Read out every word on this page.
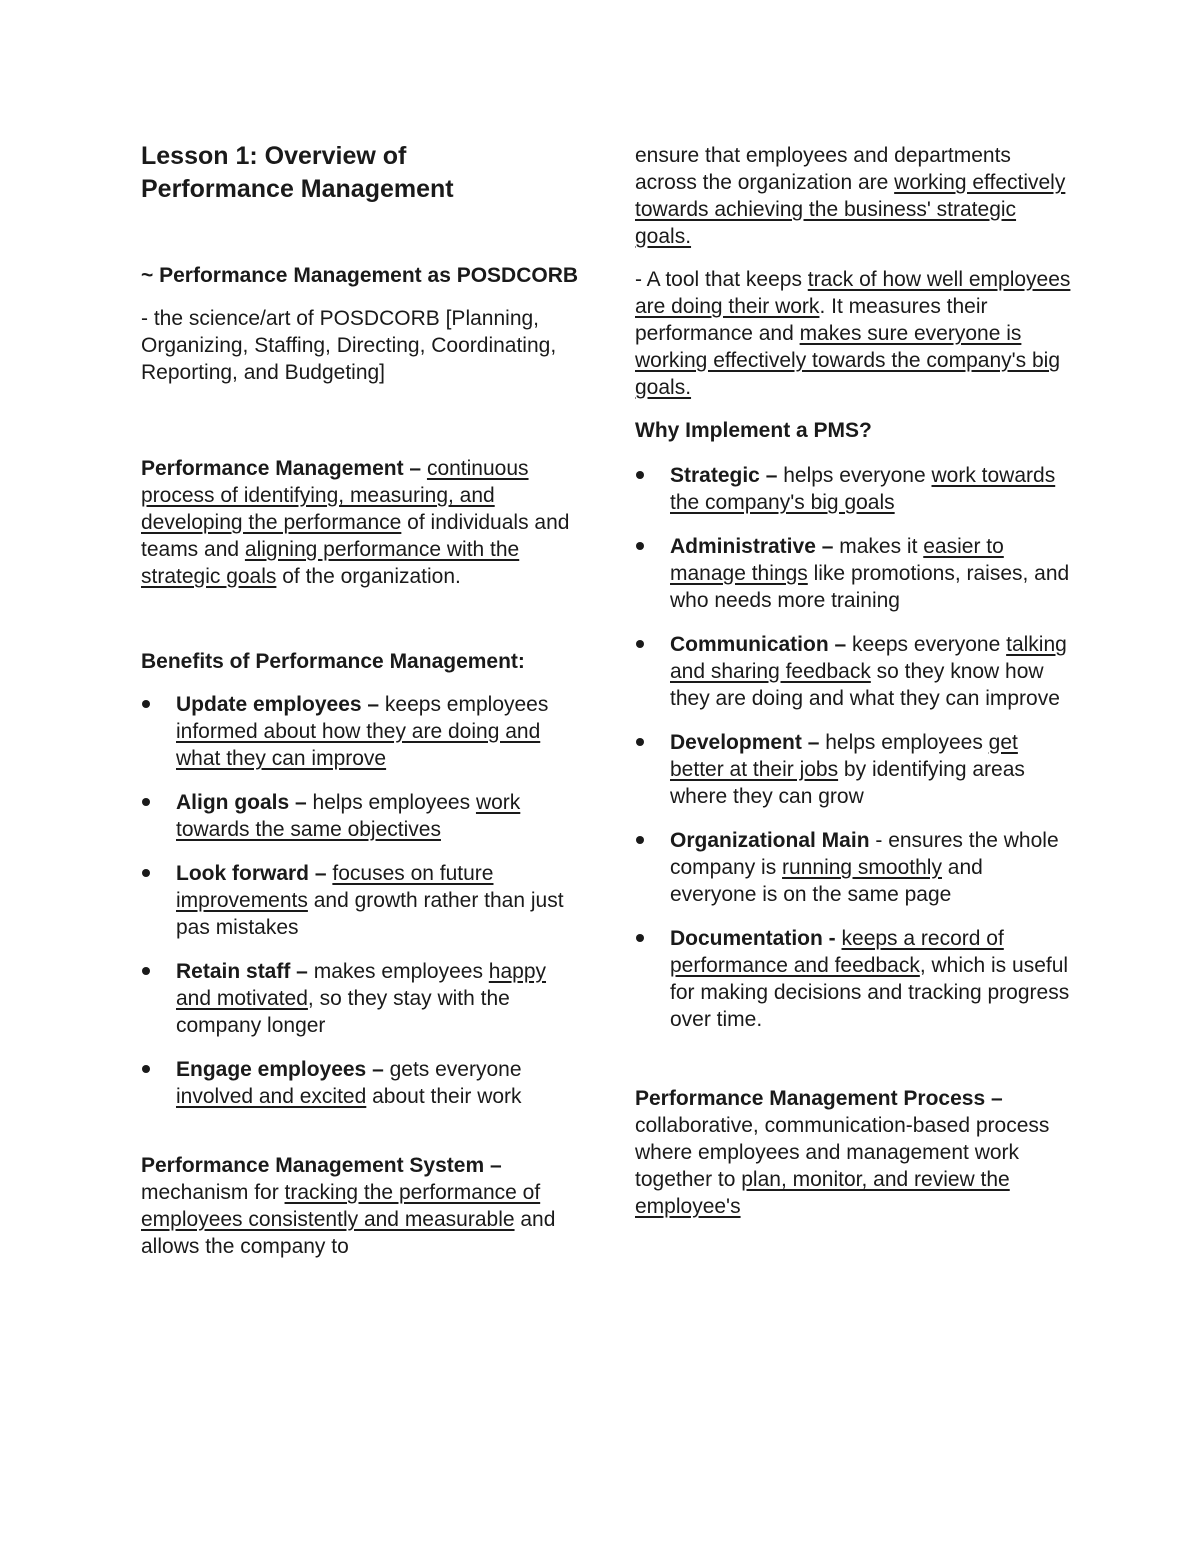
Lesson 1: Overview of
Performance Management

~ Performance Management as POSDCORB

- the science/art of POSDCORB [Planning, Organizing, Staffing, Directing, Coordinating, Reporting, and Budgeting]

Performance Management – continuous process of identifying, measuring, and developing the performance of individuals and teams and aligning performance with the strategic goals of the organization.

Benefits of Performance Management:

Update employees – keeps employees informed about how they are doing and what they can improve
Align goals – helps employees work towards the same objectives
Look forward – focuses on future improvements and growth rather than just pas mistakes
Retain staff – makes employees happy and motivated, so they stay with the company longer
Engage employees – gets everyone involved and excited about their work

Performance Management System – mechanism for tracking the performance of employees consistently and measurable and allows the company to

ensure that employees and departments across the organization are working effectively towards achieving the business' strategic goals.

- A tool that keeps track of how well employees are doing their work. It measures their performance and makes sure everyone is working effectively towards the company's big goals.

Why Implement a PMS?

Strategic – helps everyone work towards the company's big goals
Administrative – makes it easier to manage things like promotions, raises, and who needs more training
Communication – keeps everyone talking and sharing feedback so they know how they are doing and what they can improve
Development – helps employees get better at their jobs by identifying areas where they can grow
Organizational Main - ensures the whole company is running smoothly and everyone is on the same page
Documentation - keeps a record of performance and feedback, which is useful for making decisions and tracking progress over time.

Performance Management Process – collaborative, communication-based process where employees and management work together to plan, monitor, and review the employee's
